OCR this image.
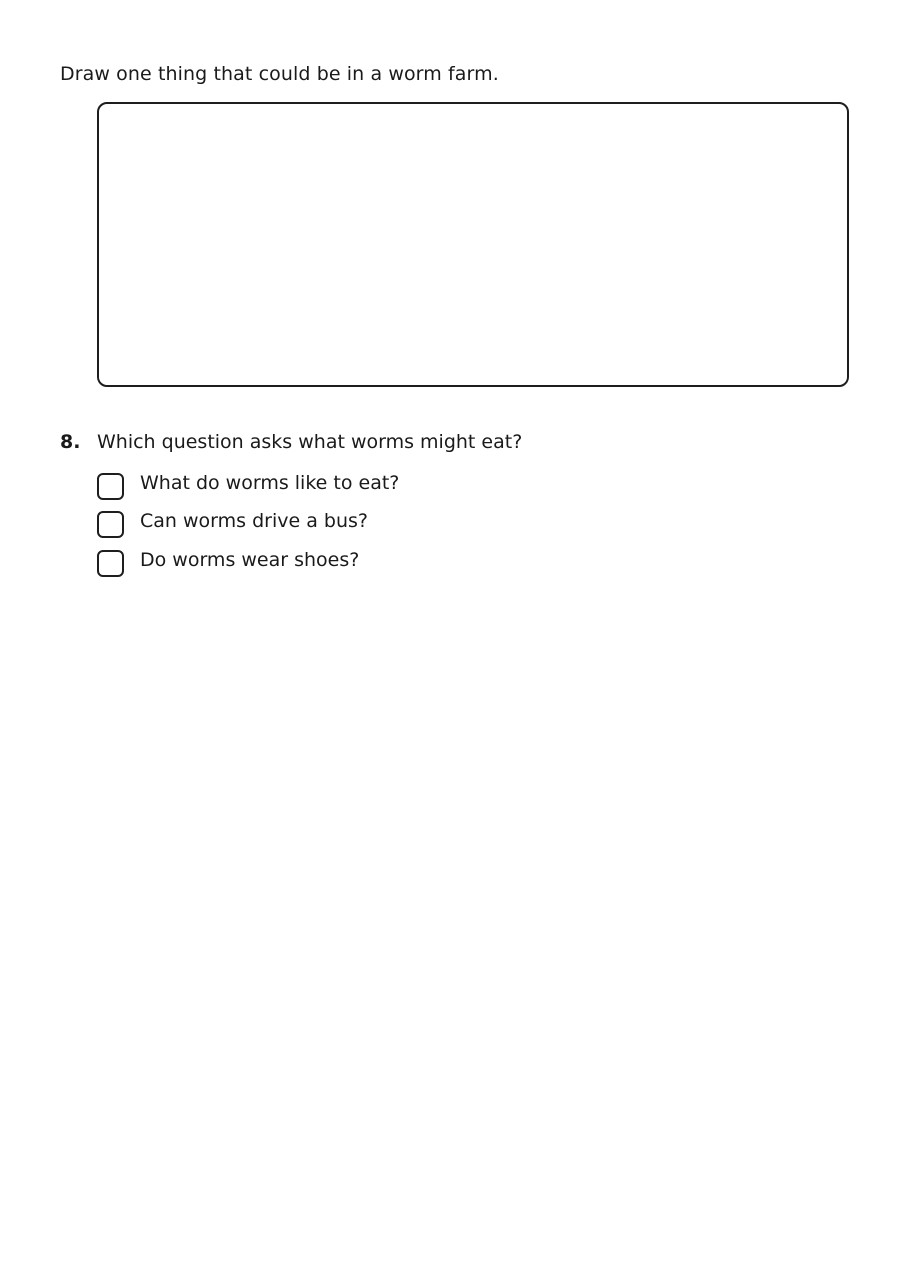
Draw one thing that could be in a worm farm.
8. Which question asks what worms might eat?
What do worms like to eat?
Can worms drive a bus?
Do worms wear shoes?
